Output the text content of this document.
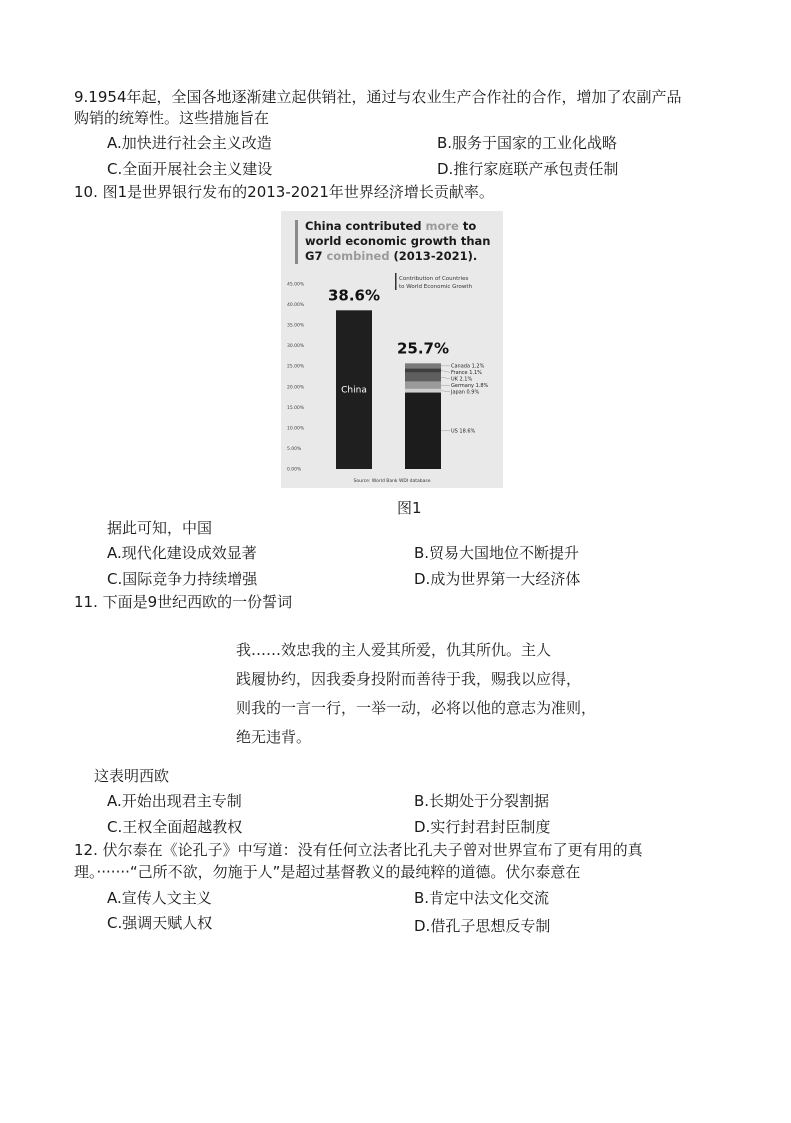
9.1954年起，全国各地逐渐建立起供销社，通过与农业生产合作社的合作，增加了农副产品
购销的统筹性。这些措施旨在
A.加快进行社会主义改造	B.服务于国家的工业化战略
C.全面开展社会主义建设	D.推行家庭联产承包责任制
10. 图1是世界银行发布的2013-2021年世界经济增长贡献率。
China contributed more to
world economic growth than
G7 combined (2013-2021).
Contribution of Countries
to World Economic Growth
45.00%
40.00%
35.00%
30.00%
25.00%
20.00%
15.00%
10.00%
5.00%
0.00%
38.6%
China
US 18.6%
Japan 0.9%
Germany 1.8%
UK 2.1%
France 1.1%
Canada 1.2%
25.7%
Source: World Bank WDI database
图1
据此可知，中国
A.现代化建设成效显著	B.贸易大国地位不断提升
C.国际竞争力持续增强	D.成为世界第一大经济体
11. 下面是9世纪西欧的一份誓词
我……效忠我的主人爱其所爱，仇其所仇。主人
践履协约，因我委身投附而善待于我，赐我以应得，
则我的一言一行，一举一动，必将以他的意志为准则，
绝无违背。
这表明西欧
A.开始出现君主专制	B.长期处于分裂割据
C.王权全面超越教权	D.实行封君封臣制度
12. 伏尔泰在《论孔子》中写道：没有任何立法者比孔夫子曾对世界宣布了更有用的真
理。·······“己所不欲，勿施于人”是超过基督教义的最纯粹的道德。伏尔泰意在
A.宣传人文主义	B.肯定中法文化交流
C.强调天赋人权	D.借孔子思想反专制
